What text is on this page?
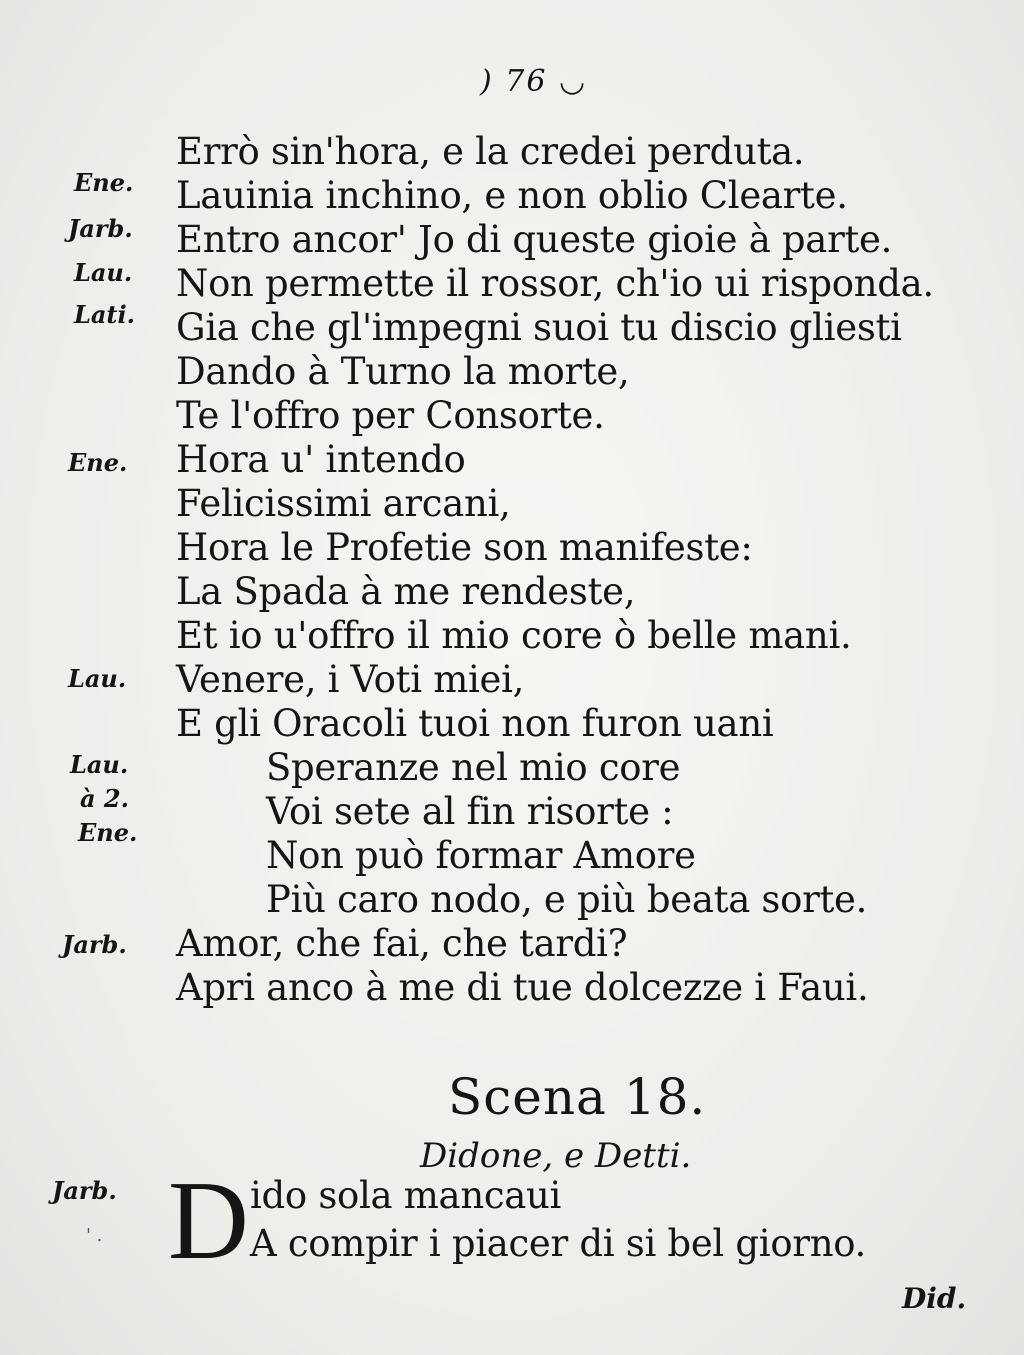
) 76 ◡
Ene.
Jarb.
Lau.
Lati.
Ene.
Lau.
Lau.
à 2.
Ene.
Jarb.
Jarb.
Errò sin'hora, e la credei perduta.
Lauinia inchino, e non oblio Clearte.
Entro ancor' Jo di queste gioie à parte.
Non permette il rossor, ch'io ui risponda.
Gia che gl'impegni suoi tu discio gliesti
Dando à Turno la morte,
Te l'offro per Consorte.
Hora u' intendo
Felicissimi arcani,
Hora le Profetie son manifeste:
La Spada à me rendeste,
Et io u'offro il mio core ò belle mani.
Venere, i Voti miei,
E gli Oracoli tuoi non furon uani
Speranze nel mio core
Voi sete al fin risorte :
Non può formar Amore
Più caro nodo, e più beata sorte.
Amor, che fai, che tardi?
Apri anco à me di tue dolcezze i Faui.
Scena 18.
Didone, e Detti.
D ido sola mancaui
A compir i piacer di si bel giorno.
' .
Did.
